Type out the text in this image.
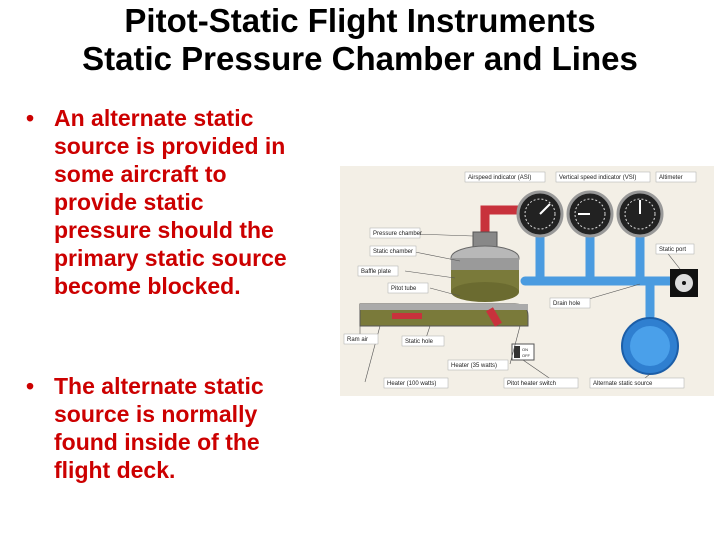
Pitot-Static Flight Instruments
Static Pressure Chamber and Lines
• An alternate static
source is provided in
some aircraft to
provide static
pressure should the
primary static source
become blocked.
• The alternate static
source is normally
found inside of the
flight deck.
ON
OFF
Airspeed indicator (ASI)	Vertical speed indicator (VSI)	Altimeter
Pressure chamber
Static chamber
Baffle plate
Pitot tube
Static port
Drain hole
Ram air	Static hole
Heater (35 watts)
Heater (100 watts)	Pitot heater switch	Alternate static source
